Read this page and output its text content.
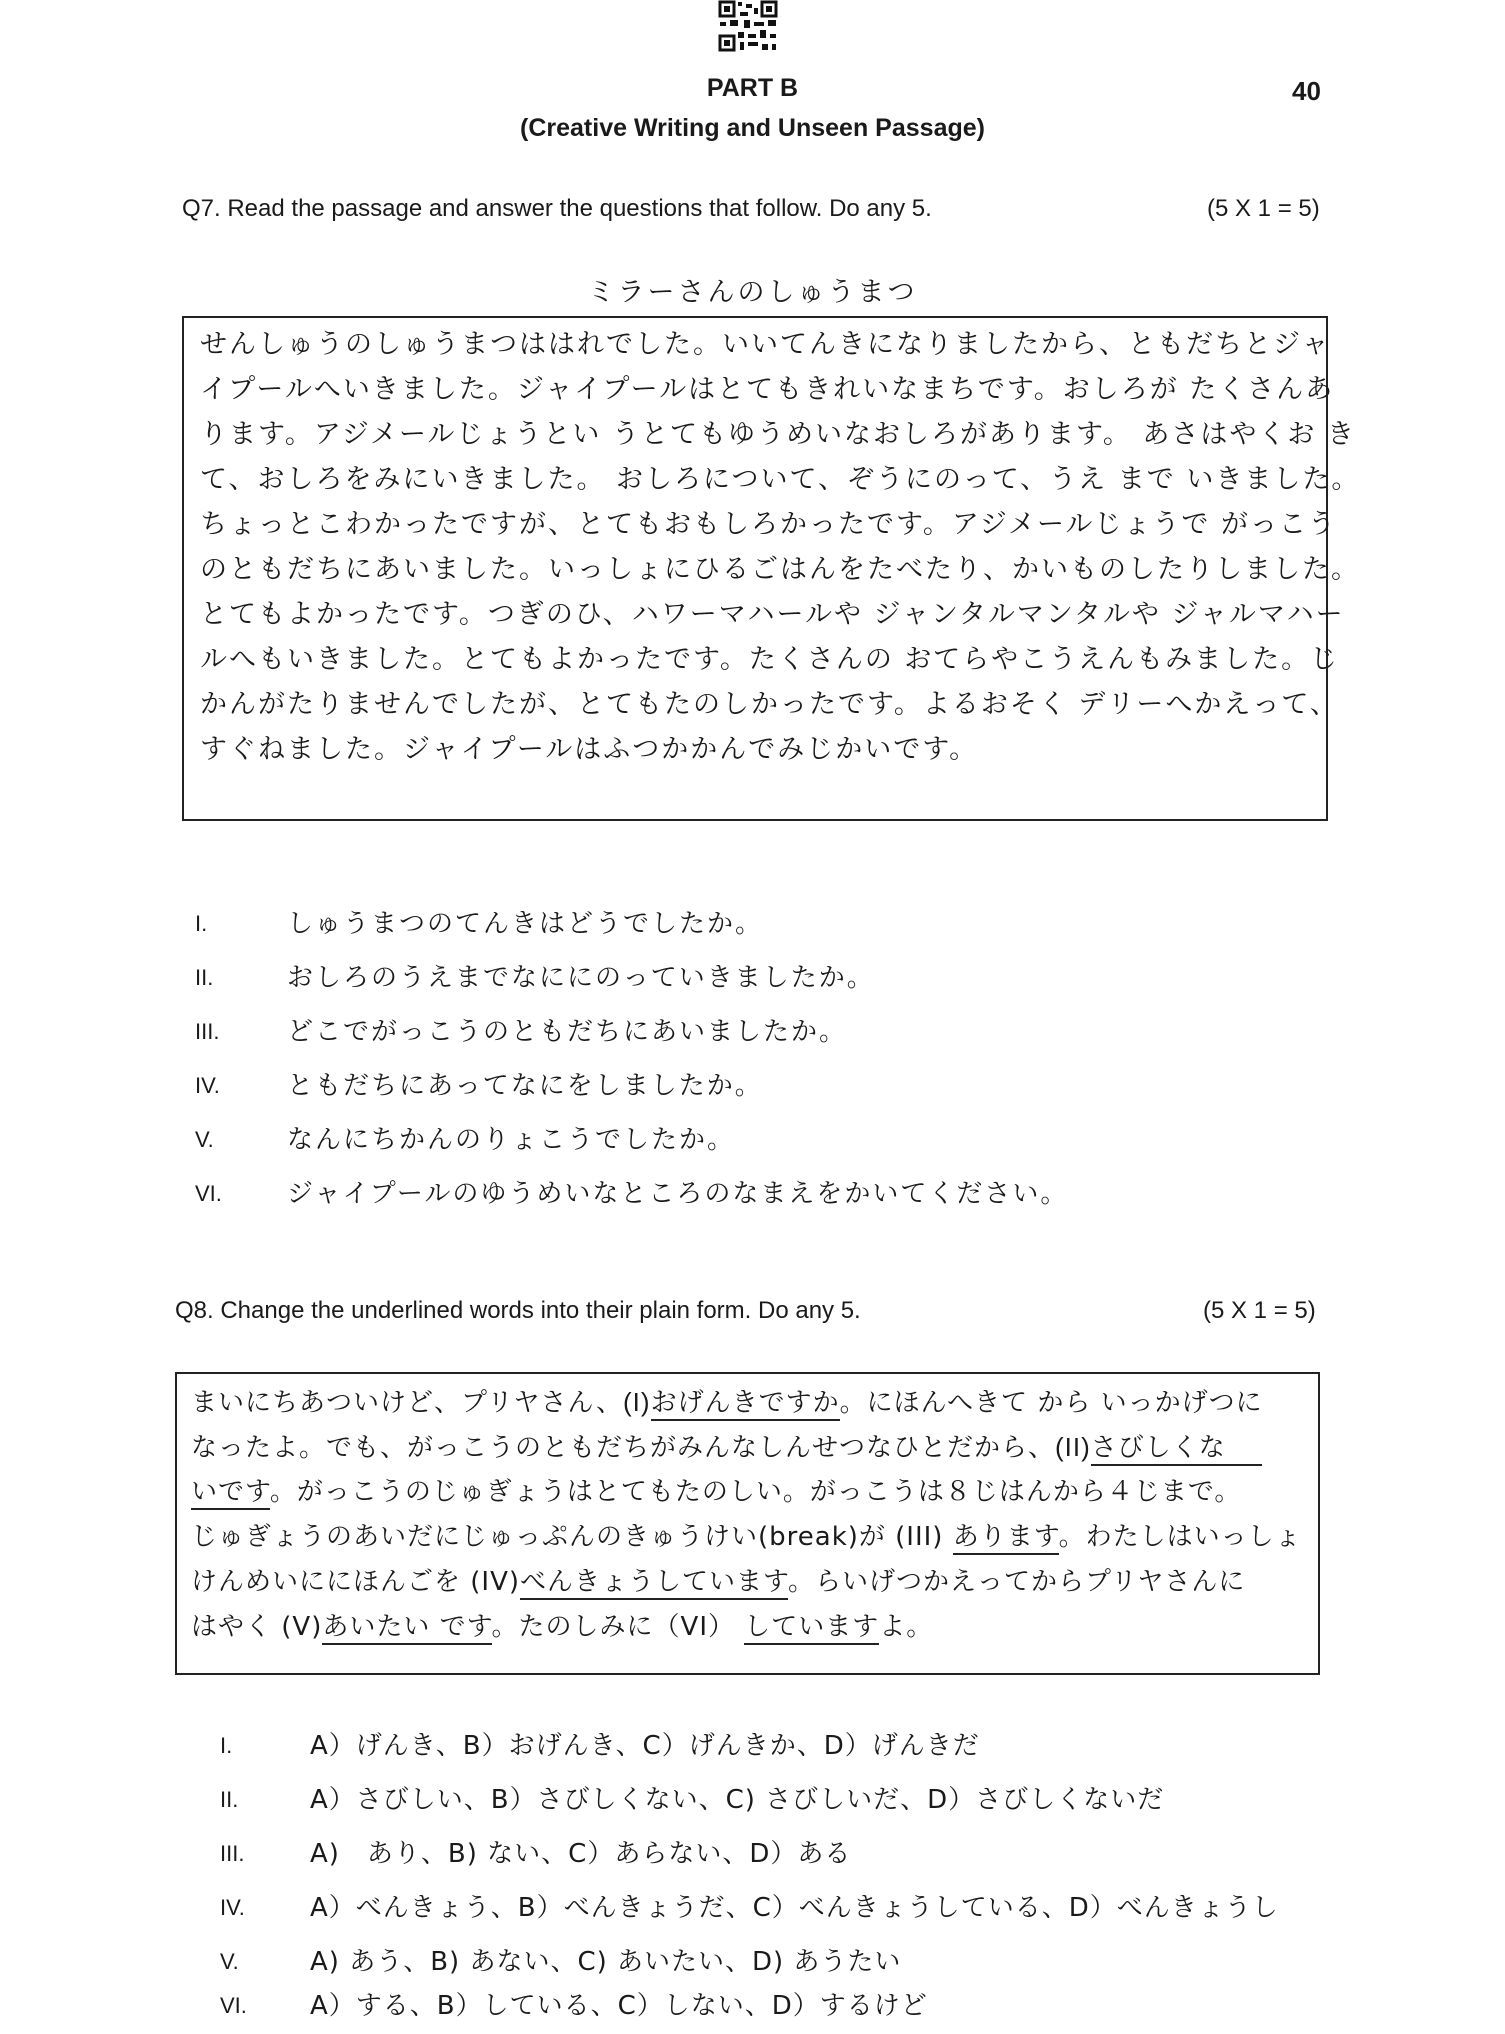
PART B	40
(Creative Writing and Unseen Passage)
Q7. Read the passage and answer the questions that follow. Do any 5.	(5 X 1 = 5)
ミラーさんのしゅうまつ
せんしゅうのしゅうまつははれでした。いいてんきになりましたから、ともだちとジャ
イプールへいきました。ジャイプールはとてもきれいなまちです。おしろが たくさんあ
ります。アジメールじょうとい うとてもゆうめいなおしろがあります。 あさはやくお き
て、おしろをみにいきました。 おしろについて、ぞうにのって、うえ まで いきました。
ちょっとこわかったですが、とてもおもしろかったです。アジメールじょうで がっこう
のともだちにあいました。いっしょにひるごはんをたべたり、かいものしたりしました。
とてもよかったです。つぎのひ、ハワーマハールや ジャンタルマンタルや ジャルマハー
ルへもいきました。とてもよかったです。たくさんの おてらやこうえんもみました。じ
かんがたりませんでしたが、とてもたのしかったです。よるおそく デリーへかえって、
すぐねました。ジャイプールはふつかかんでみじかいです。
I.	しゅうまつのてんきはどうでしたか。
II.	おしろのうえまでなににのっていきましたか。
III.	どこでがっこうのともだちにあいましたか。
IV.	ともだちにあってなにをしましたか。
V.	なんにちかんのりょこうでしたか。
VI.	ジャイプールのゆうめいなところのなまえをかいてください。
Q8. Change the underlined words into their plain form. Do any 5.	(5 X 1 = 5)
まいにちあついけど、プリヤさん、(I)おげんきですか。にほんへきて から いっかげつに
なったよ。でも、がっこうのともだちがみんなしんせつなひとだから、(II)さびしくな
いです。がっこうのじゅぎょうはとてもたのしい。がっこうは８じはんから４じまで。
じゅぎょうのあいだにじゅっぷんのきゅうけい(break)が (III) あります。わたしはいっしょ
けんめいににほんごを (IV)べんきょうしています。らいげつかえってからプリヤさんに
はやく (V)あいたい です。たのしみに（VI） していますよ。
I.	A）げんき、B）おげんき、C）げんきか、D）げんきだ
II.	A）さびしい、B）さびしくない、C) さびしいだ、D）さびしくないだ
III.	A)　あり、B) ない、C）あらない、D）ある
IV.	A）べんきょう、B）べんきょうだ、C）べんきょうしている、D）べんきょうし
V.	A) あう、B) あない、C) あいたい、D) あうたい
VI. A）する、B）している、C）しない、D）するけど
